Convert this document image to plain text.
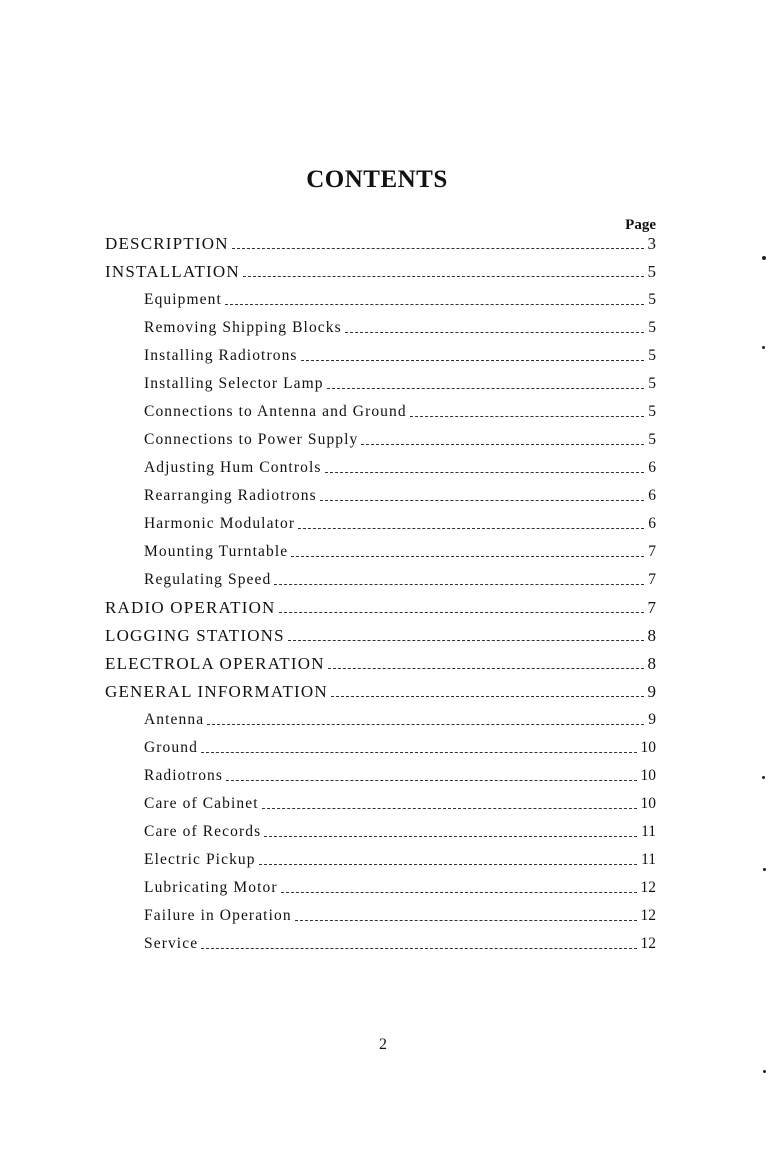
CONTENTS
Page
DESCRIPTION	3
INSTALLATION	5
Equipment	5
Removing Shipping Blocks	5
Installing Radiotrons	5
Installing Selector Lamp	5
Connections to Antenna and Ground	5
Connections to Power Supply	5
Adjusting Hum Controls	6
Rearranging Radiotrons	6
Harmonic Modulator	6
Mounting Turntable	7
Regulating Speed	7
RADIO OPERATION	7
LOGGING STATIONS	8
ELECTROLA OPERATION	8
GENERAL INFORMATION	9
Antenna	9
Ground	10
Radiotrons	10
Care of Cabinet	10
Care of Records	11
Electric Pickup	11
Lubricating Motor	12
Failure in Operation	12
Service	12
2
